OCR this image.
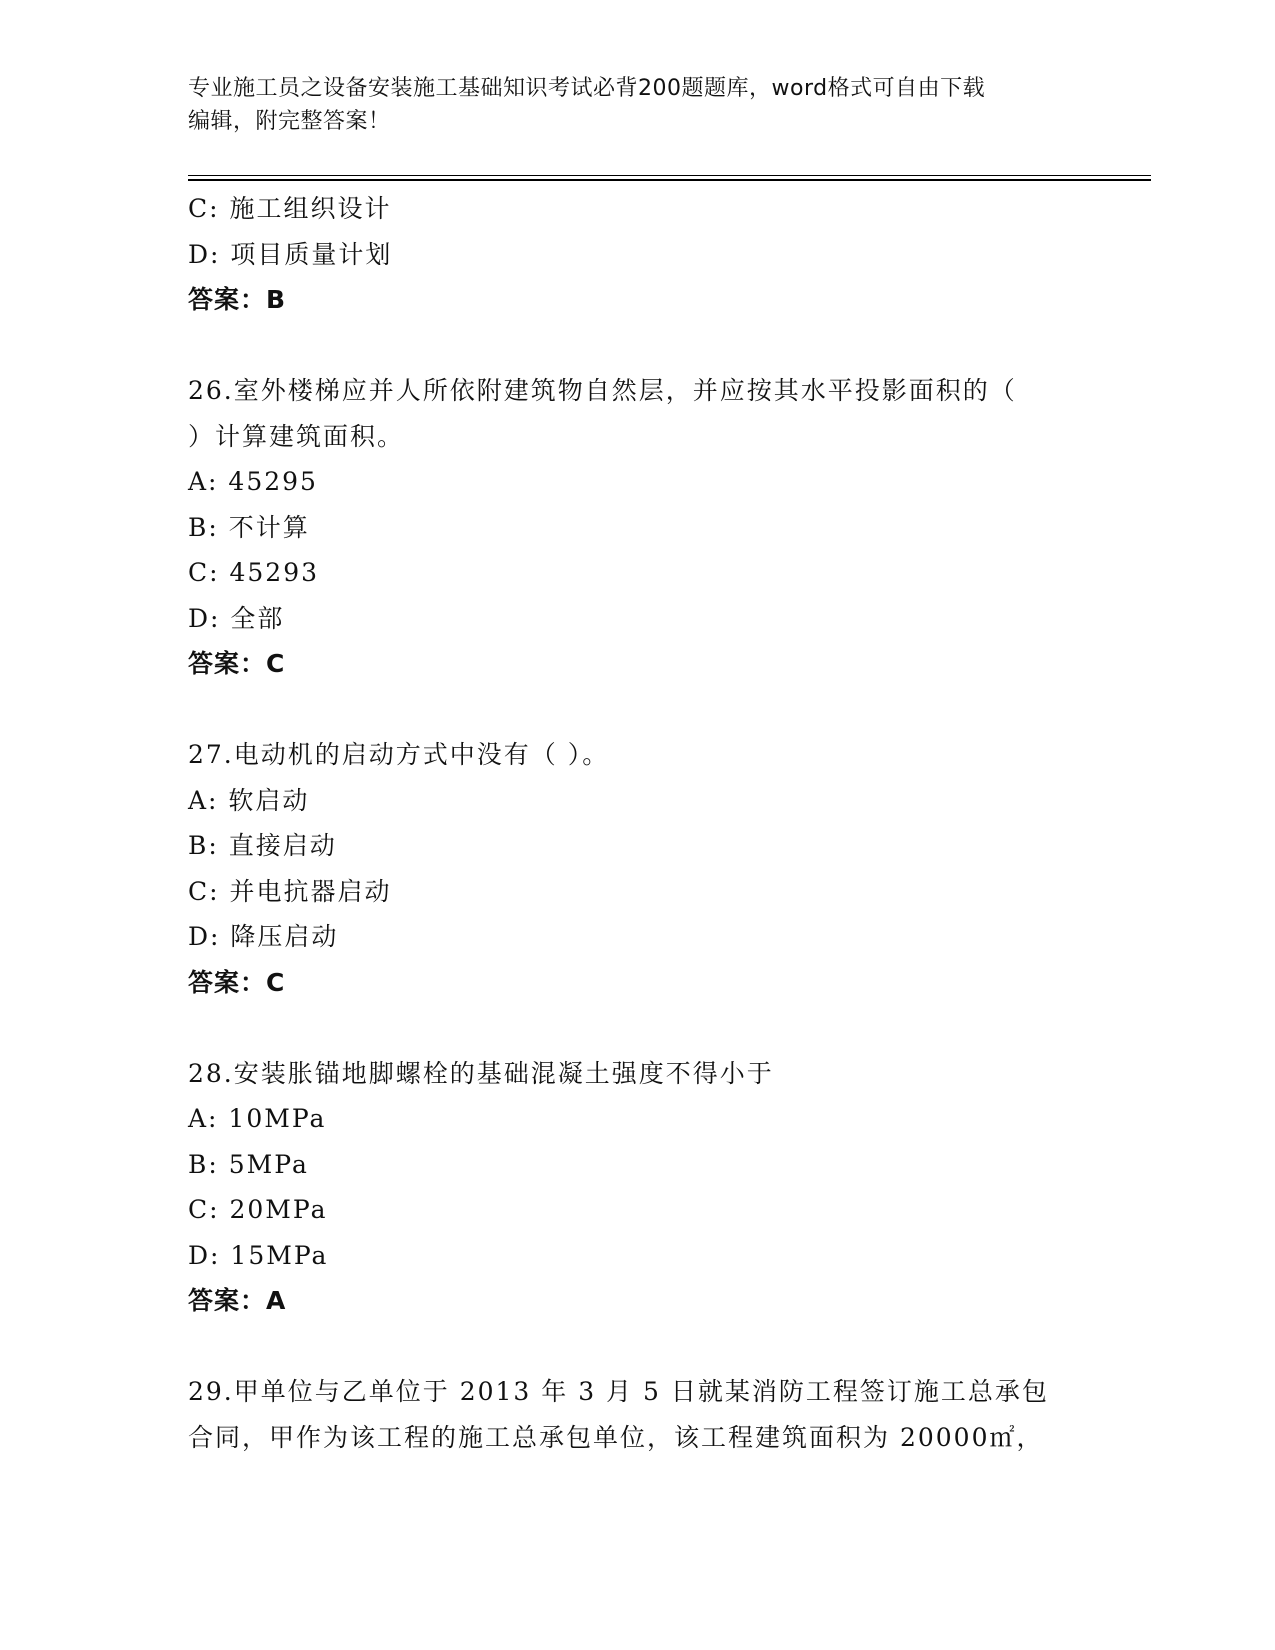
专业施工员之设备安装施工基础知识考试必背200题题库，word格式可自由下载
编辑，附完整答案！
C: 施工组织设计
D: 项目质量计划
答案：B
26.室外楼梯应并人所依附建筑物自然层，并应按其水平投影面积的（
）计算建筑面积。
A: 45295
B: 不计算
C: 45293
D: 全部
答案：C
27.电动机的启动方式中没有（ ）。
A: 软启动
B: 直接启动
C: 并电抗器启动
D: 降压启动
答案：C
28.安装胀锚地脚螺栓的基础混凝土强度不得小于
A: 10MPa
B: 5MPa
C: 20MPa
D: 15MPa
答案：A
29.甲单位与乙单位于 2013 年 3 月 5 日就某消防工程签订施工总承包
合同，甲作为该工程的施工总承包单位，该工程建筑面积为 20000㎡，
